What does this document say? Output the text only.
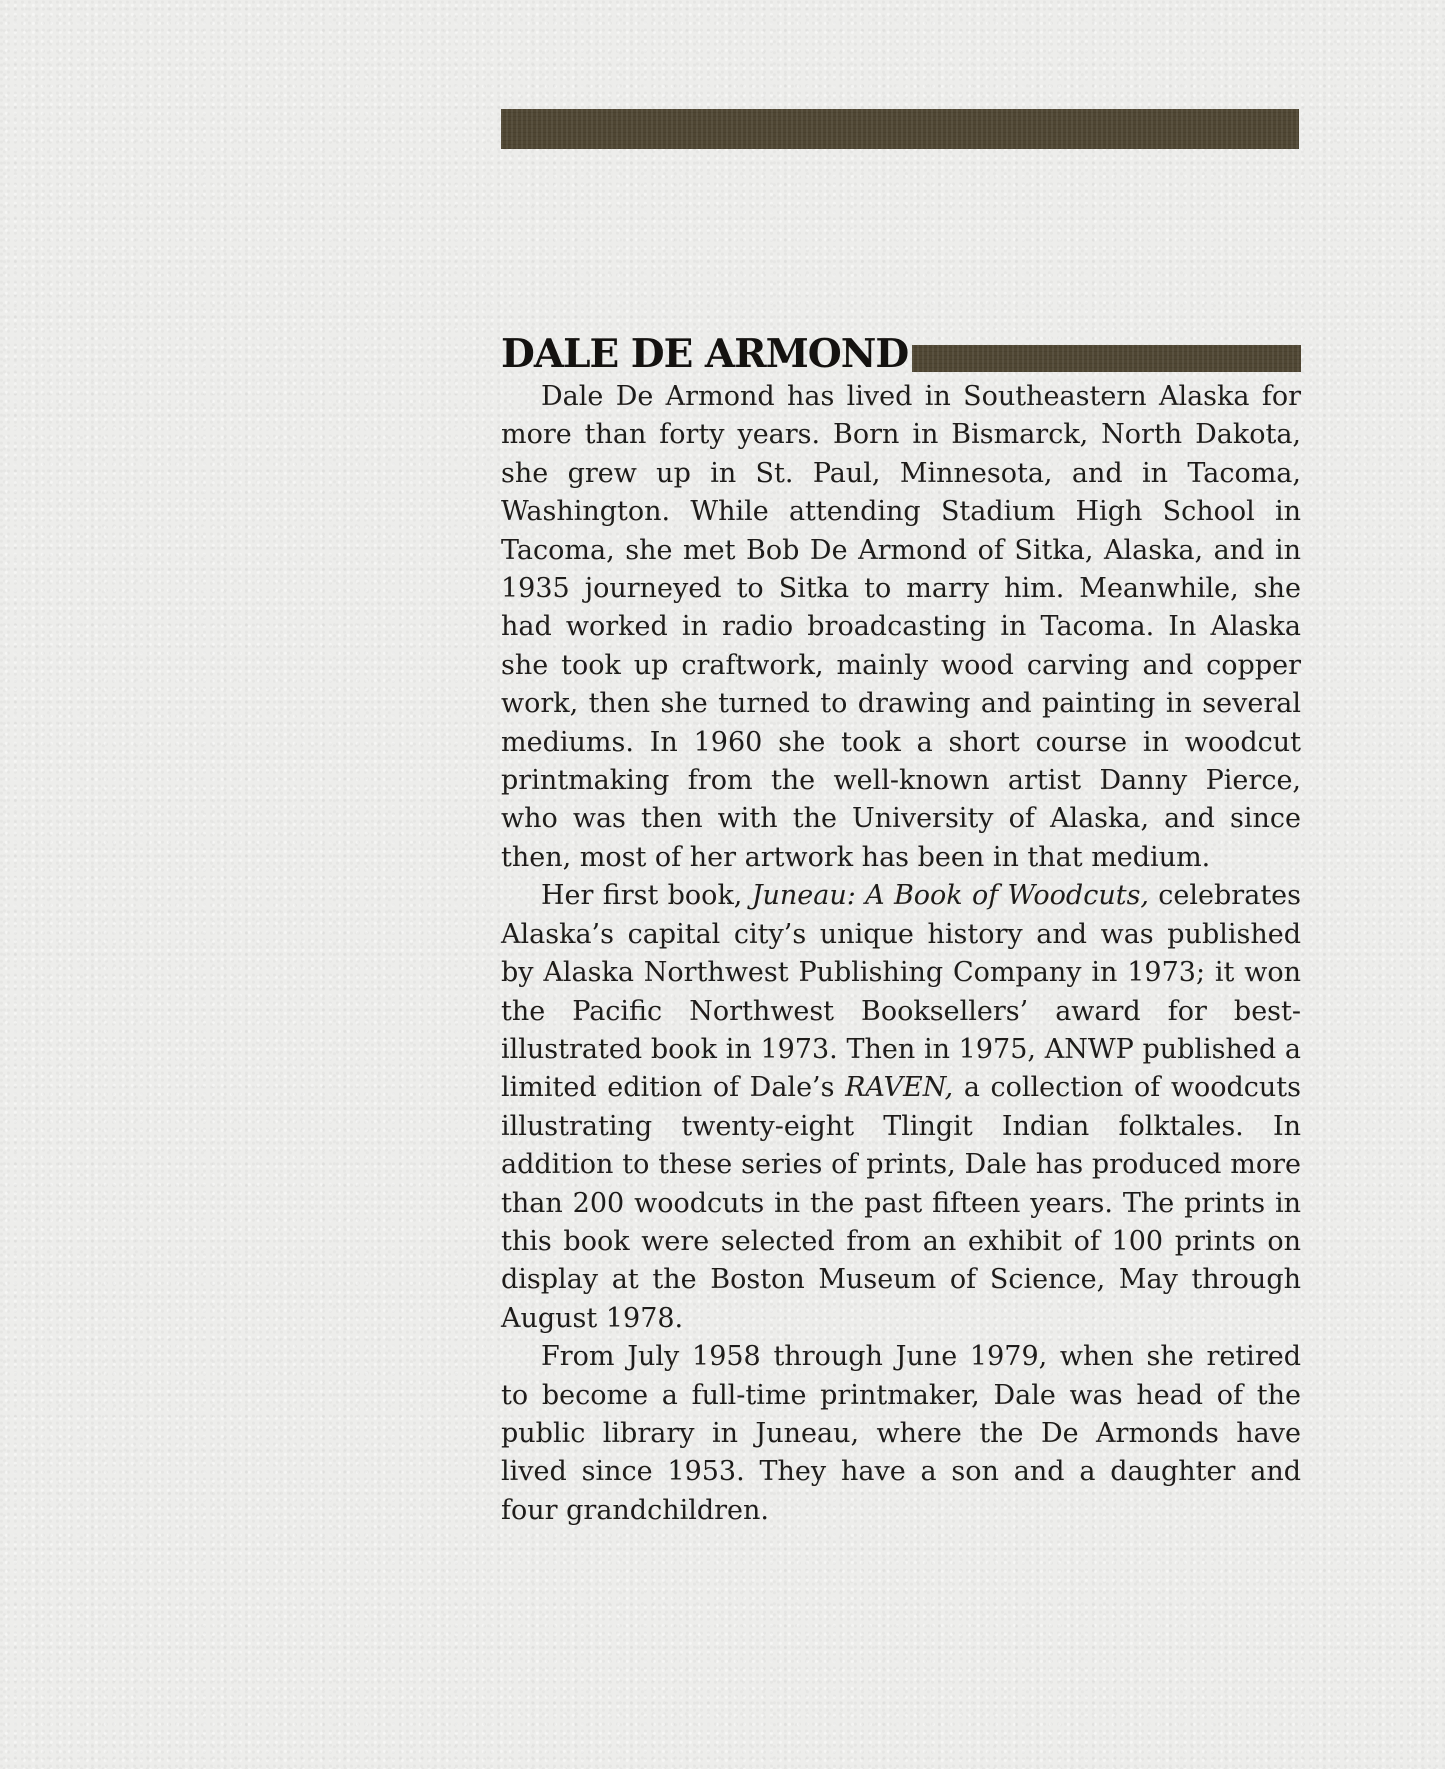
DALE DE ARMOND

Dale De Armond has lived in Southeastern Alaska for more than forty years. Born in Bismarck, North Dakota, she grew up in St. Paul, Minnesota, and in Tacoma, Washington. While attending Stadium High School in Tacoma, she met Bob De Armond of Sitka, Alaska, and in 1935 journeyed to Sitka to marry him. Meanwhile, she had worked in radio broadcasting in Tacoma. In Alaska she took up craftwork, mainly wood carving and copper work, then she turned to drawing and painting in several mediums. In 1960 she took a short course in woodcut printmaking from the well-known artist Danny Pierce, who was then with the University of Alaska, and since then, most of her artwork has been in that medium.

Her first book, Juneau: A Book of Woodcuts, celebrates Alaska’s capital city’s unique history and was published by Alaska Northwest Publishing Company in 1973; it won the Pacific Northwest Booksellers’ award for best-illustrated book in 1973. Then in 1975, ANWP published a limited edition of Dale’s RAVEN, a collection of woodcuts illustrating twenty-eight Tlingit Indian folktales. In addition to these series of prints, Dale has produced more than 200 woodcuts in the past fifteen years. The prints in this book were selected from an exhibit of 100 prints on display at the Boston Museum of Science, May through August 1978.

From July 1958 through June 1979, when she retired to become a full-time printmaker, Dale was head of the public library in Juneau, where the De Armonds have lived since 1953. They have a son and a daughter and four grandchildren.
